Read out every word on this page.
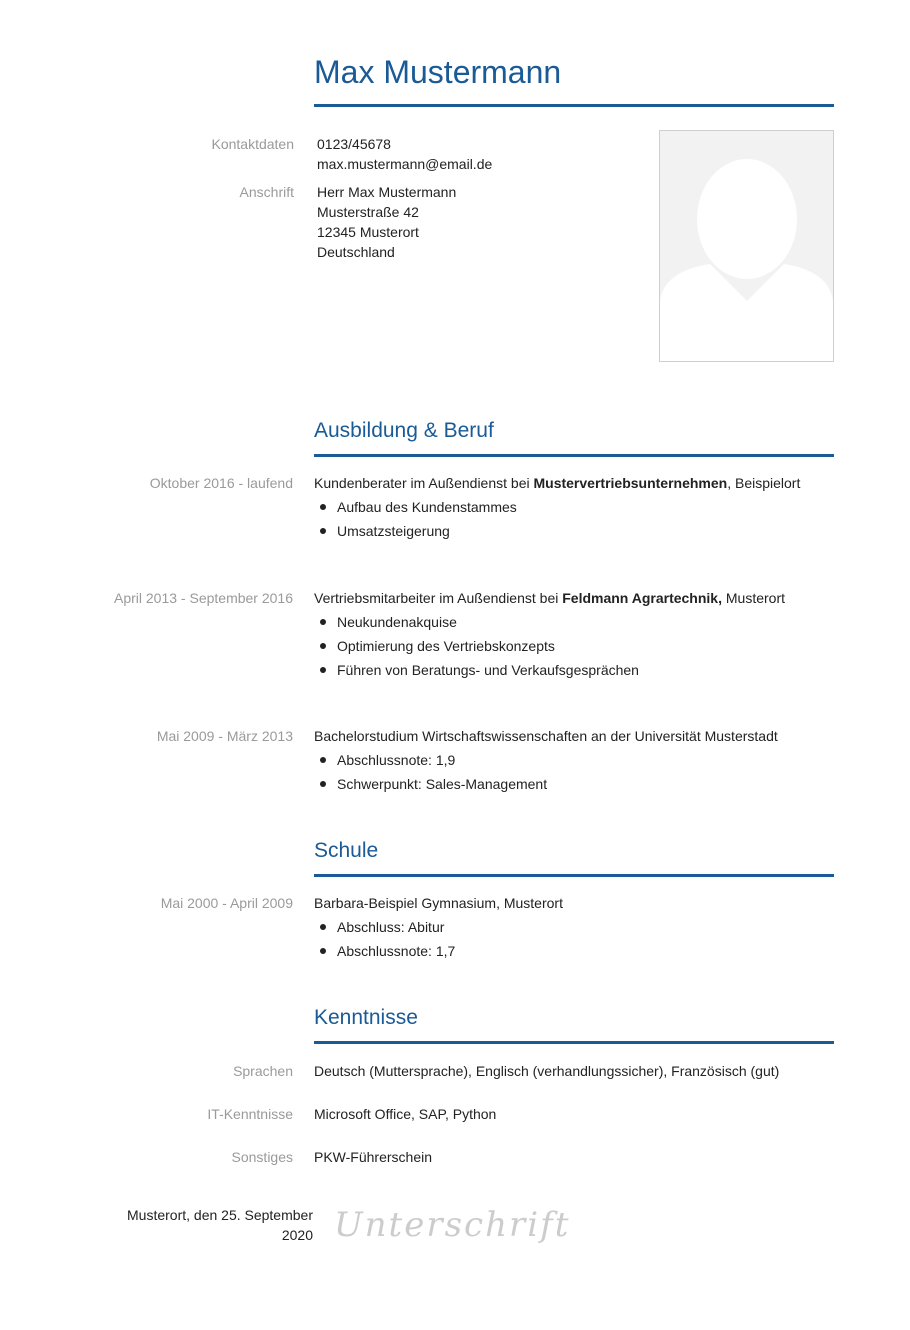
Max Mustermann
Kontaktdaten 0123/45678
max.mustermann@email.de
Anschrift Herr Max Mustermann
Musterstraße 42
12345 Musterort
Deutschland
Ausbildung & Beruf
Oktober 2016 - laufend Kundenberater im Außendienst bei Mustervertriebsunternehmen, Beispielort
Aufbau des Kundenstammes
Umsatzsteigerung
April 2013 - September 2016 Vertriebsmitarbeiter im Außendienst bei Feldmann Agrartechnik, Musterort
Neukundenakquise
Optimierung des Vertriebskonzepts
Führen von Beratungs- und Verkaufsgesprächen
Mai 2009 - März 2013 Bachelorstudium Wirtschaftswissenschaften an der Universität Musterstadt
Abschlussnote: 1,9
Schwerpunkt: Sales-Management
Schule
Mai 2000 - April 2009 Barbara-Beispiel Gymnasium, Musterort
Abschluss: Abitur
Abschlussnote: 1,7
Kenntnisse
Sprachen Deutsch (Muttersprache), Englisch (verhandlungssicher), Französisch (gut)
IT-Kenntnisse Microsoft Office, SAP, Python
Sonstiges PKW-Führerschein
Musterort, den 25. September 2020 Unterschrift
